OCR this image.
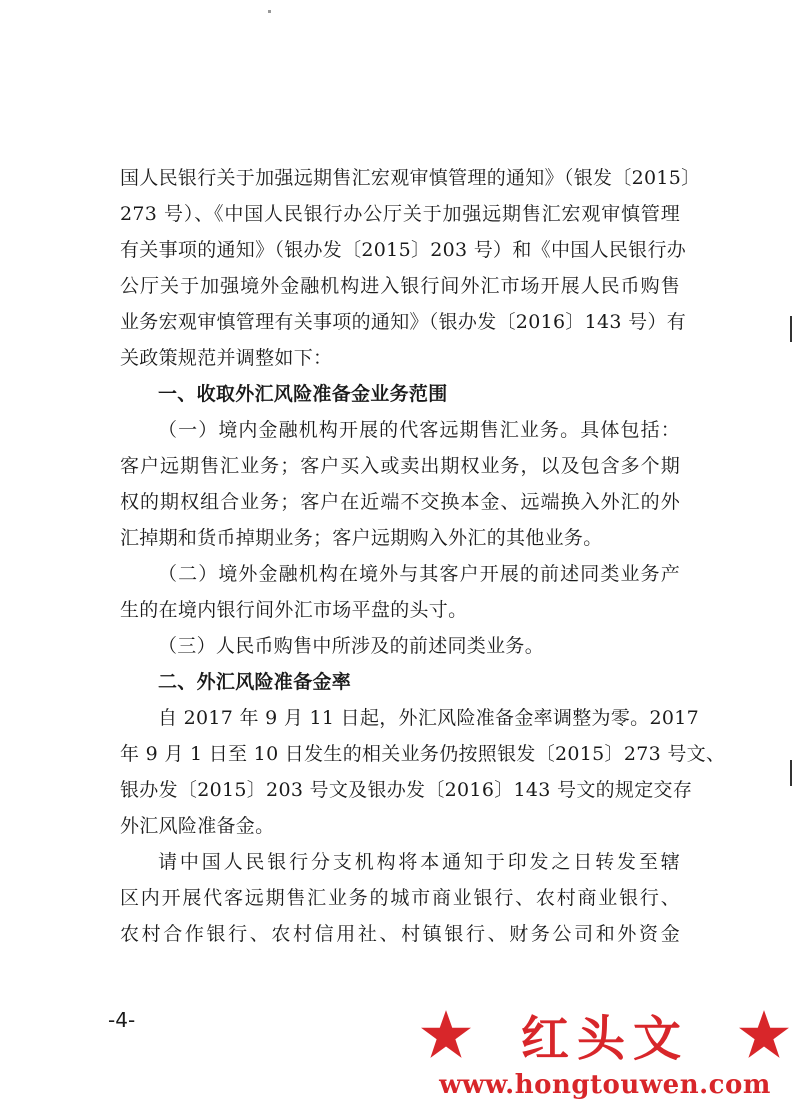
国人民银行关于加强远期售汇宏观审慎管理的通知》（银发〔2015〕
273 号）、《中国人民银行办公厅关于加强远期售汇宏观审慎管理
有关事项的通知》（银办发〔2015〕203 号）和《中国人民银行办
公厅关于加强境外金融机构进入银行间外汇市场开展人民币购售
业务宏观审慎管理有关事项的通知》（银办发〔2016〕143 号）有
关政策规范并调整如下：
一、收取外汇风险准备金业务范围
（一）境内金融机构开展的代客远期售汇业务。具体包括：
客户远期售汇业务；客户买入或卖出期权业务，以及包含多个期
权的期权组合业务；客户在近端不交换本金、远端换入外汇的外
汇掉期和货币掉期业务；客户远期购入外汇的其他业务。
（二）境外金融机构在境外与其客户开展的前述同类业务产
生的在境内银行间外汇市场平盘的头寸。
（三）人民币购售中所涉及的前述同类业务。
二、外汇风险准备金率
自 2017 年 9 月 11 日起，外汇风险准备金率调整为零。2017
年 9 月 1 日至 10 日发生的相关业务仍按照银发〔2015〕273 号文、
银办发〔2015〕203 号文及银办发〔2016〕143 号文的规定交存
外汇风险准备金。
请中国人民银行分支机构将本通知于印发之日转发至辖
区内开展代客远期售汇业务的城市商业银行、农村商业银行、
农村合作银行、农村信用社、村镇银行、财务公司和外资金
-4-	红头文
www.hongtouwen.com
